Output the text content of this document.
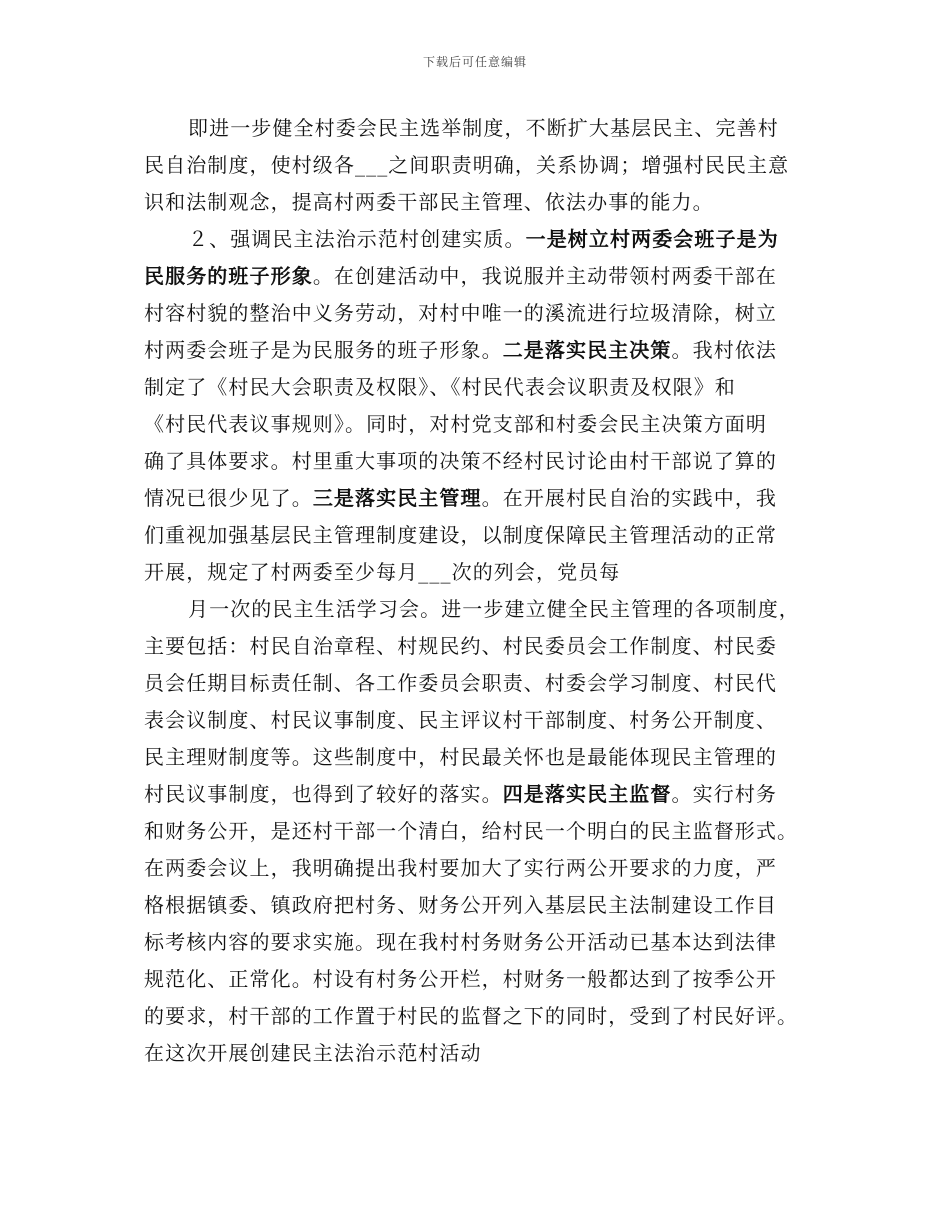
下载后可任意编辑
即进一步健全村委会民主选举制度，不断扩大基层民主、完善村
民自治制度，使村级各___之间职责明确，关系协调；增强村民民主意
识和法制观念，提高村两委干部民主管理、依法办事的能力。
２、强调民主法治示范村创建实质。一是树立村两委会班子是为
民服务的班子形象。在创建活动中，我说服并主动带领村两委干部在
村容村貌的整治中义务劳动，对村中唯一的溪流进行垃圾清除，树立
村两委会班子是为民服务的班子形象。二是落实民主决策。我村依法
制定了《村民大会职责及权限》、《村民代表会议职责及权限》和
《村民代表议事规则》。同时，对村党支部和村委会民主决策方面明
确了具体要求。村里重大事项的决策不经村民讨论由村干部说了算的
情况已很少见了。三是落实民主管理。在开展村民自治的实践中，我
们重视加强基层民主管理制度建设，以制度保障民主管理活动的正常
开展，规定了村两委至少每月___次的列会，党员每
月一次的民主生活学习会。进一步建立健全民主管理的各项制度，
主要包括：村民自治章程、村规民约、村民委员会工作制度、村民委
员会任期目标责任制、各工作委员会职责、村委会学习制度、村民代
表会议制度、村民议事制度、民主评议村干部制度、村务公开制度、
民主理财制度等。这些制度中，村民最关怀也是最能体现民主管理的
村民议事制度，也得到了较好的落实。四是落实民主监督。实行村务
和财务公开，是还村干部一个清白，给村民一个明白的民主监督形式。
在两委会议上，我明确提出我村要加大了实行两公开要求的力度，严
格根据镇委、镇政府把村务、财务公开列入基层民主法制建设工作目
标考核内容的要求实施。现在我村村务财务公开活动已基本达到法律
规范化、正常化。村设有村务公开栏，村财务一般都达到了按季公开
的要求，村干部的工作置于村民的监督之下的同时，受到了村民好评。
在这次开展创建民主法治示范村活动
